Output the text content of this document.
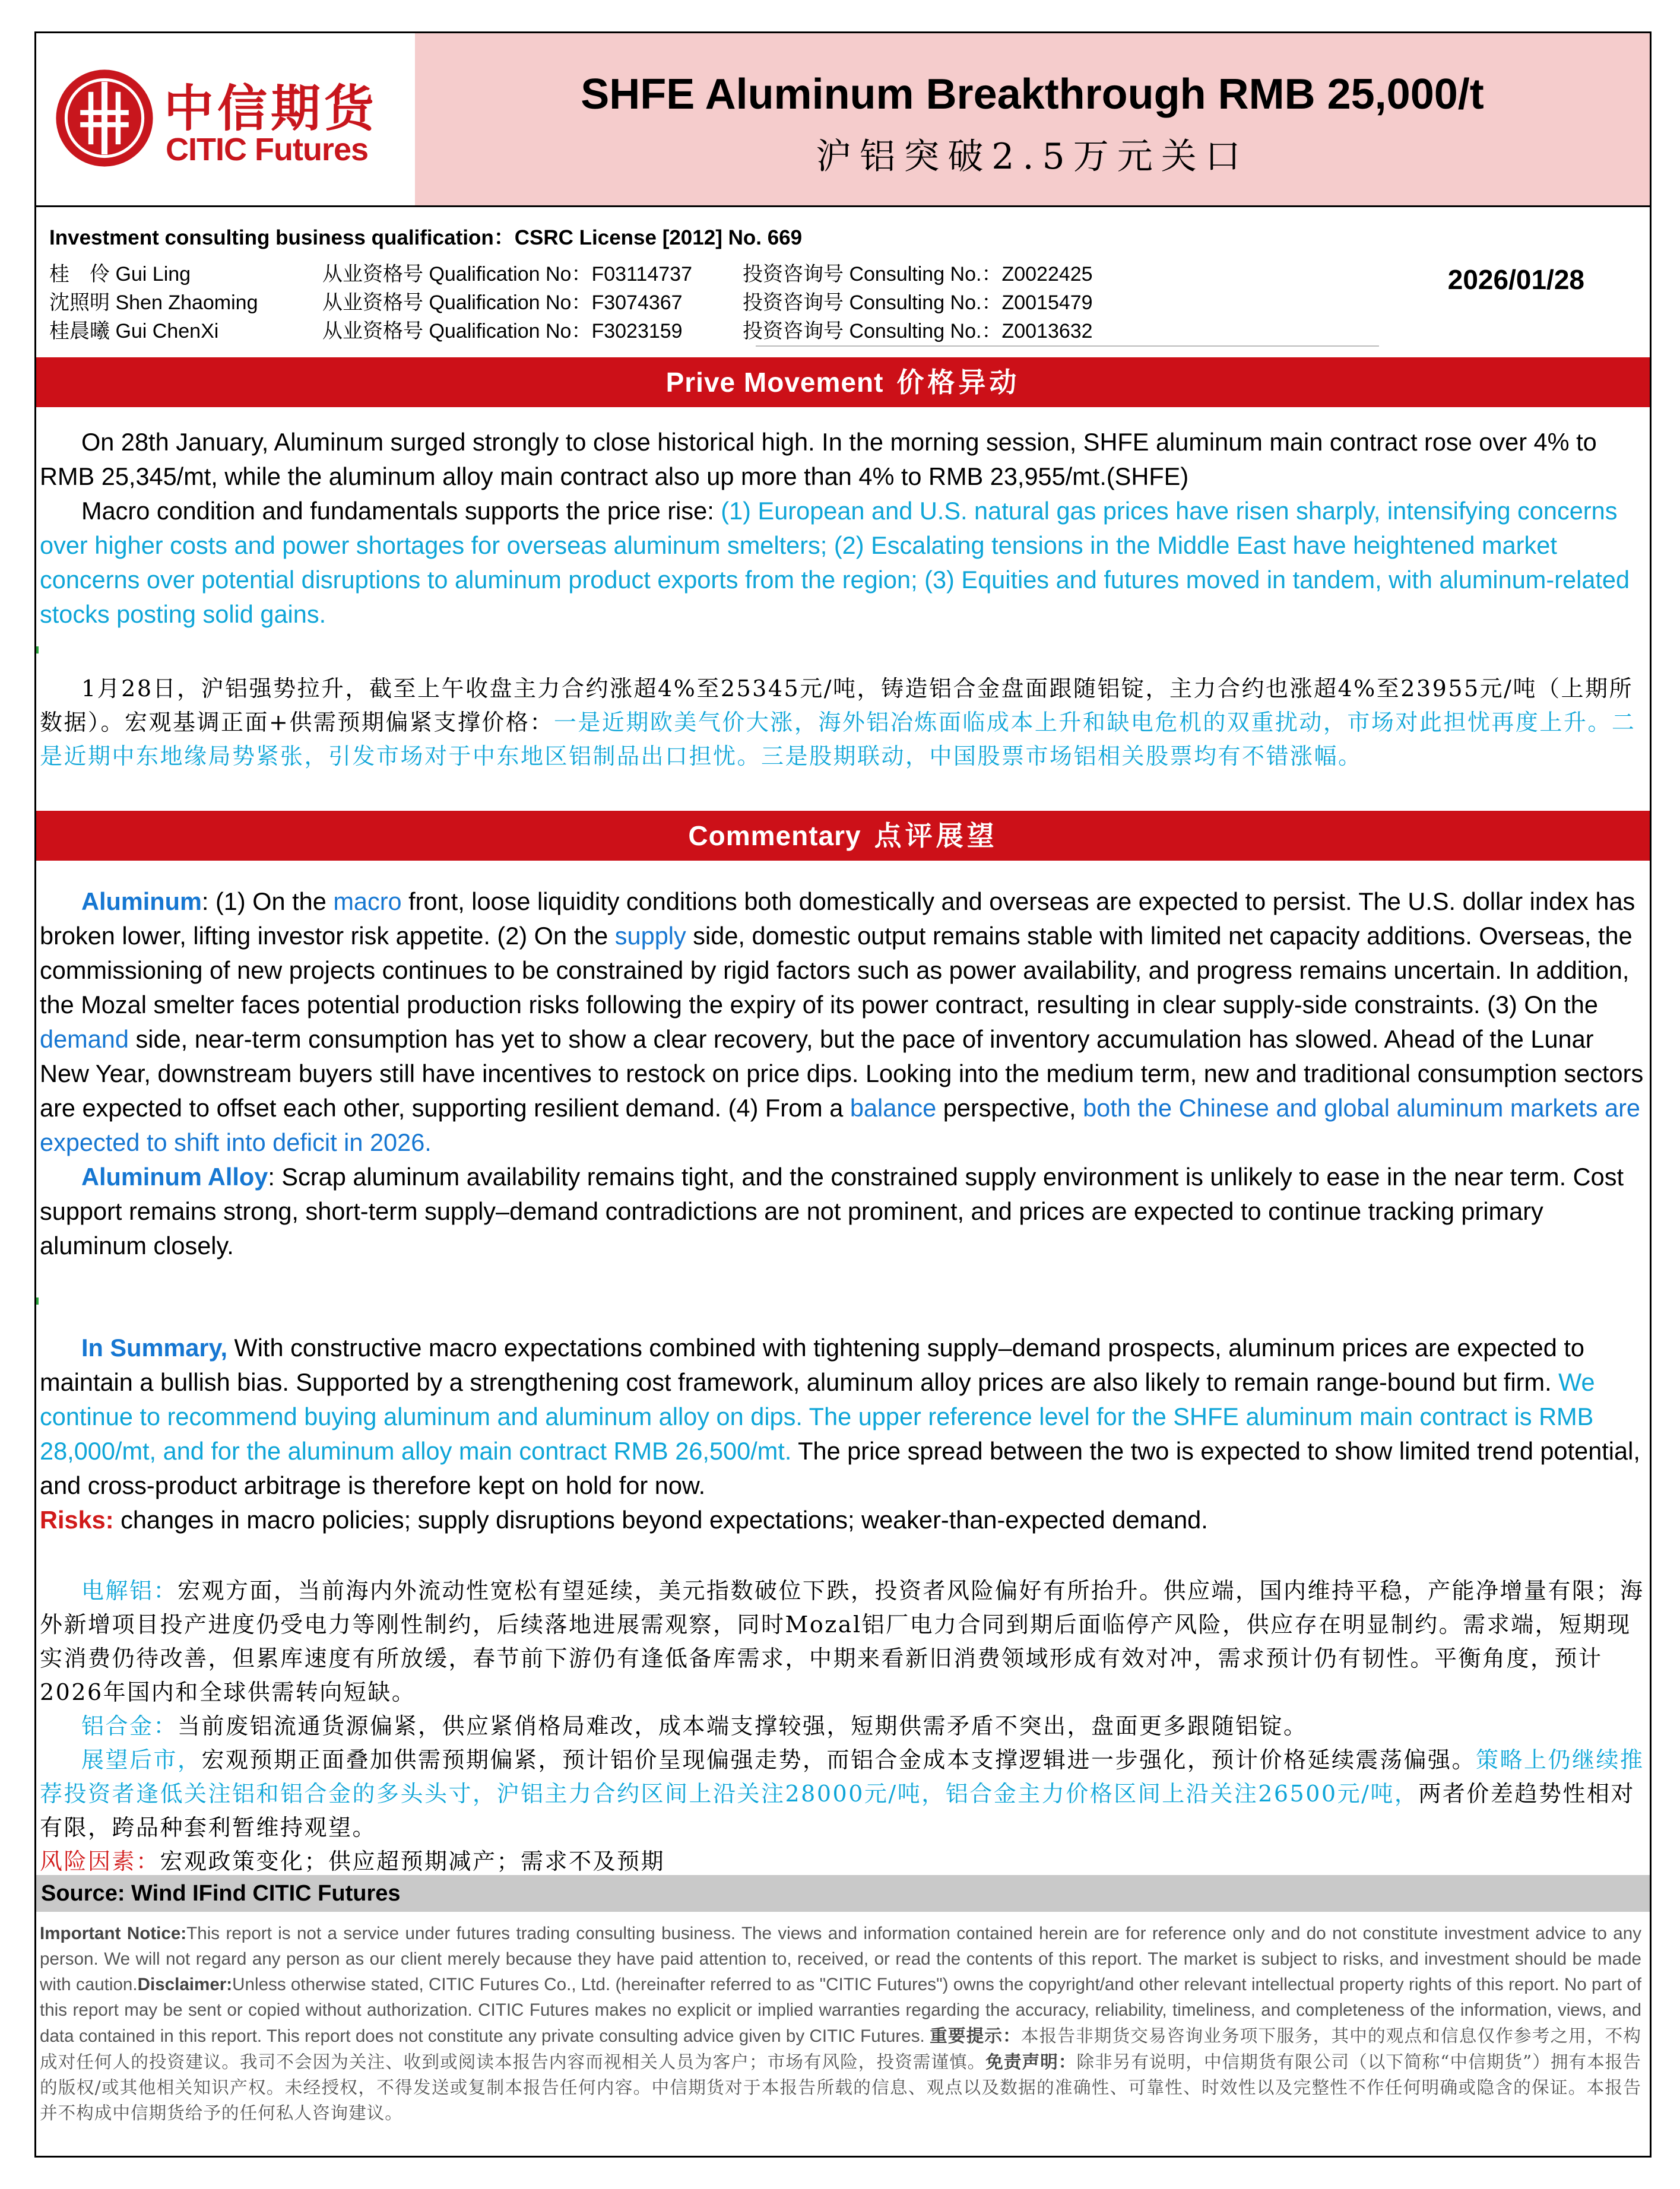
中信期货
CITIC Futures
SHFE Aluminum Breakthrough RMB 25,000/t
沪铝突破2.5万元关口
Investment consulting business qualification：CSRC License [2012] No. 669
桂　伶 Gui Ling	从业资格号 Qualification No：F03114737	投资咨询号 Consulting No.：Z0022425
沈照明 Shen Zhaoming	从业资格号 Qualification No：F3074367	投资咨询号 Consulting No.：Z0015479
桂晨曦 Gui ChenXi	从业资格号 Qualification No：F3023159	投资咨询号 Consulting No.：Z0013632
2026/01/28
Prive Movement 价格异动

On 28th January, Aluminum surged strongly to close historical high. In the morning session, SHFE aluminum main contract rose over 4% to RMB 25,345/mt, while the aluminum alloy main contract also up more than 4% to RMB 23,955/mt.(SHFE)

Macro condition and fundamentals supports the price rise: (1) European and U.S. natural gas prices have risen sharply, intensifying concerns over higher costs and power shortages for overseas aluminum smelters; (2) Escalating tensions in the Middle East have heightened market concerns over potential disruptions to aluminum product exports from the region; (3) Equities and futures moved in tandem, with aluminum-related stocks posting solid gains.

1月28日，沪铝强势拉升，截至上午收盘主力合约涨超4%至25345元/吨，铸造铝合金盘面跟随铝锭，主力合约也涨超4%至23955元/吨（上期所数据）。宏观基调正面+供需预期偏紧支撑价格：一是近期欧美气价大涨，海外铝冶炼面临成本上升和缺电危机的双重扰动，市场对此担忧再度上升。二是近期中东地缘局势紧张，引发市场对于中东地区铝制品出口担忧。三是股期联动，中国股票市场铝相关股票均有不错涨幅。

Commentary 点评展望

Aluminum: (1) On the macro front, loose liquidity conditions both domestically and overseas are expected to persist. The U.S. dollar index has broken lower, lifting investor risk appetite. (2) On the supply side, domestic output remains stable with limited net capacity additions. Overseas, the commissioning of new projects continues to be constrained by rigid factors such as power availability, and progress remains uncertain. In addition, the Mozal smelter faces potential production risks following the expiry of its power contract, resulting in clear supply-side constraints. (3) On the demand side, near-term consumption has yet to show a clear recovery, but the pace of inventory accumulation has slowed. Ahead of the Lunar New Year, downstream buyers still have incentives to restock on price dips. Looking into the medium term, new and traditional consumption sectors are expected to offset each other, supporting resilient demand. (4) From a balance perspective, both the Chinese and global aluminum markets are expected to shift into deficit in 2026.

Aluminum Alloy: Scrap aluminum availability remains tight, and the constrained supply environment is unlikely to ease in the near term. Cost support remains strong, short-term supply–demand contradictions are not prominent, and prices are expected to continue tracking primary aluminum closely.

In Summary, With constructive macro expectations combined with tightening supply–demand prospects, aluminum prices are expected to maintain a bullish bias. Supported by a strengthening cost framework, aluminum alloy prices are also likely to remain range-bound but firm. We continue to recommend buying aluminum and aluminum alloy on dips. The upper reference level for the SHFE aluminum main contract is RMB 28,000/mt, and for the aluminum alloy main contract RMB 26,500/mt. The price spread between the two is expected to show limited trend potential, and cross-product arbitrage is therefore kept on hold for now.

Risks: changes in macro policies; supply disruptions beyond expectations; weaker-than-expected demand.

电解铝：宏观方面，当前海内外流动性宽松有望延续，美元指数破位下跌，投资者风险偏好有所抬升。供应端，国内维持平稳，产能净增量有限；海外新增项目投产进度仍受电力等刚性制约，后续落地进展需观察，同时Mozal铝厂电力合同到期后面临停产风险，供应存在明显制约。需求端，短期现实消费仍待改善，但累库速度有所放缓，春节前下游仍有逢低备库需求，中期来看新旧消费领域形成有效对冲，需求预计仍有韧性。平衡角度，预计2026年国内和全球供需转向短缺。

铝合金：当前废铝流通货源偏紧，供应紧俏格局难改，成本端支撑较强，短期供需矛盾不突出，盘面更多跟随铝锭。

展望后市，宏观预期正面叠加供需预期偏紧，预计铝价呈现偏强走势，而铝合金成本支撑逻辑进一步强化，预计价格延续震荡偏强。策略上仍继续推荐投资者逢低关注铝和铝合金的多头头寸，沪铝主力合约区间上沿关注28000元/吨，铝合金主力价格区间上沿关注26500元/吨，两者价差趋势性相对有限，跨品种套利暂维持观望。

风险因素：宏观政策变化；供应超预期减产；需求不及预期

Source: Wind IFind CITIC Futures
Important Notice:This report is not a service under futures trading consulting business. The views and information contained herein are for reference only and do not constitute investment advice to any person. We will not regard any person as our client merely because they have paid attention to, received, or read the contents of this report. The market is subject to risks, and investment should be made with caution.Disclaimer:Unless otherwise stated, CITIC Futures Co., Ltd. (hereinafter referred to as "CITIC Futures") owns the copyright/and other relevant intellectual property rights of this report. No part of this report may be sent or copied without authorization. CITIC Futures makes no explicit or implied warranties regarding the accuracy, reliability, timeliness, and completeness of the information, views, and data contained in this report. This report does not constitute any private consulting advice given by CITIC Futures. 重要提示：本报告非期货交易咨询业务项下服务，其中的观点和信息仅作参考之用，不构成对任何人的投资建议。我司不会因为关注、收到或阅读本报告内容而视相关人员为客户；市场有风险，投资需谨慎。免责声明：除非另有说明，中信期货有限公司（以下简称“中信期货”）拥有本报告的版权/或其他相关知识产权。未经授权，不得发送或复制本报告任何内容。中信期货对于本报告所载的信息、观点以及数据的准确性、可靠性、时效性以及完整性不作任何明确或隐含的保证。本报告并不构成中信期货给予的任何私人咨询建议。
